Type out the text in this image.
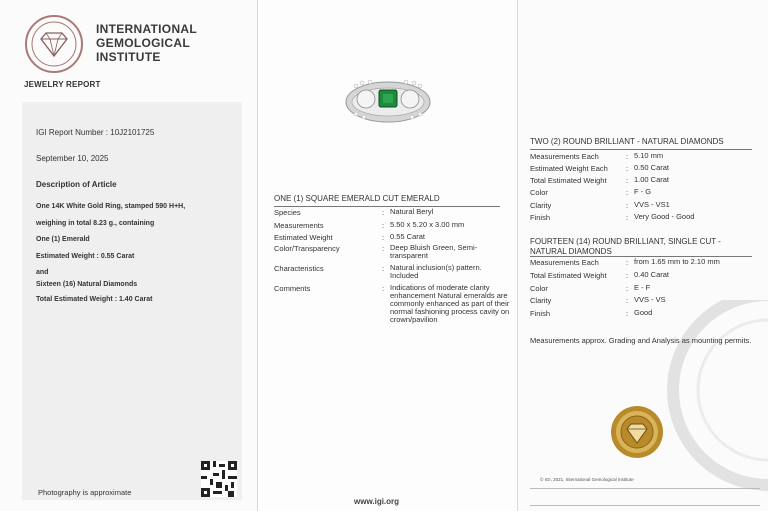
INTERNATIONAL
GEMOLOGICAL
INSTITUTE
JEWELRY REPORT
IGI Report Number : 10J2101725
September 10, 2025
Description of Article
One 14K White Gold Ring, stamped 590 H+H,
weighing in total 8.23 g., containing
One (1) Emerald
Estimated Weight : 0.55 Carat
and
Sixteen (16) Natural Diamonds
Total Estimated Weight : 1.40 Carat
Photography is approximate
ONE (1) SQUARE EMERALD CUT EMERALD
Species	: Natural Beryl
Measurements	: 5.50 x 5.20 x 3.00 mm
Estimated Weight	: 0.55 Carat
Color/Transparency	: Deep Bluish Green, Semi-transparent
Characteristics	: Natural inclusion(s) pattern. Included
Comments	: Indications of moderate clarity enhancement Natural emeralds are commonly enhanced as part of their normal fashioning process cavity on crown/pavilion
www.igi.org
TWO (2) ROUND BRILLIANT - NATURAL DIAMONDS
Measurements Each	: 5.10 mm
Estimated Weight Each : 0.50 Carat
Total Estimated Weight	: 1.00 Carat
Color	: F - G
Clarity	: VVS - VS1
Finish	: Very Good - Good
FOURTEEN (14) ROUND BRILLIANT, SINGLE CUT - NATURAL DIAMONDS
Measurements Each	: from 1.65 mm to 2.10 mm
Total Estimated Weight	: 0.40 Carat
Color	: E - F
Clarity	: VVS - VS
Finish	: Good
Measurements approx. Grading and Analysis as mounting permits.
© IGI, 2021, International Gemological Institute
